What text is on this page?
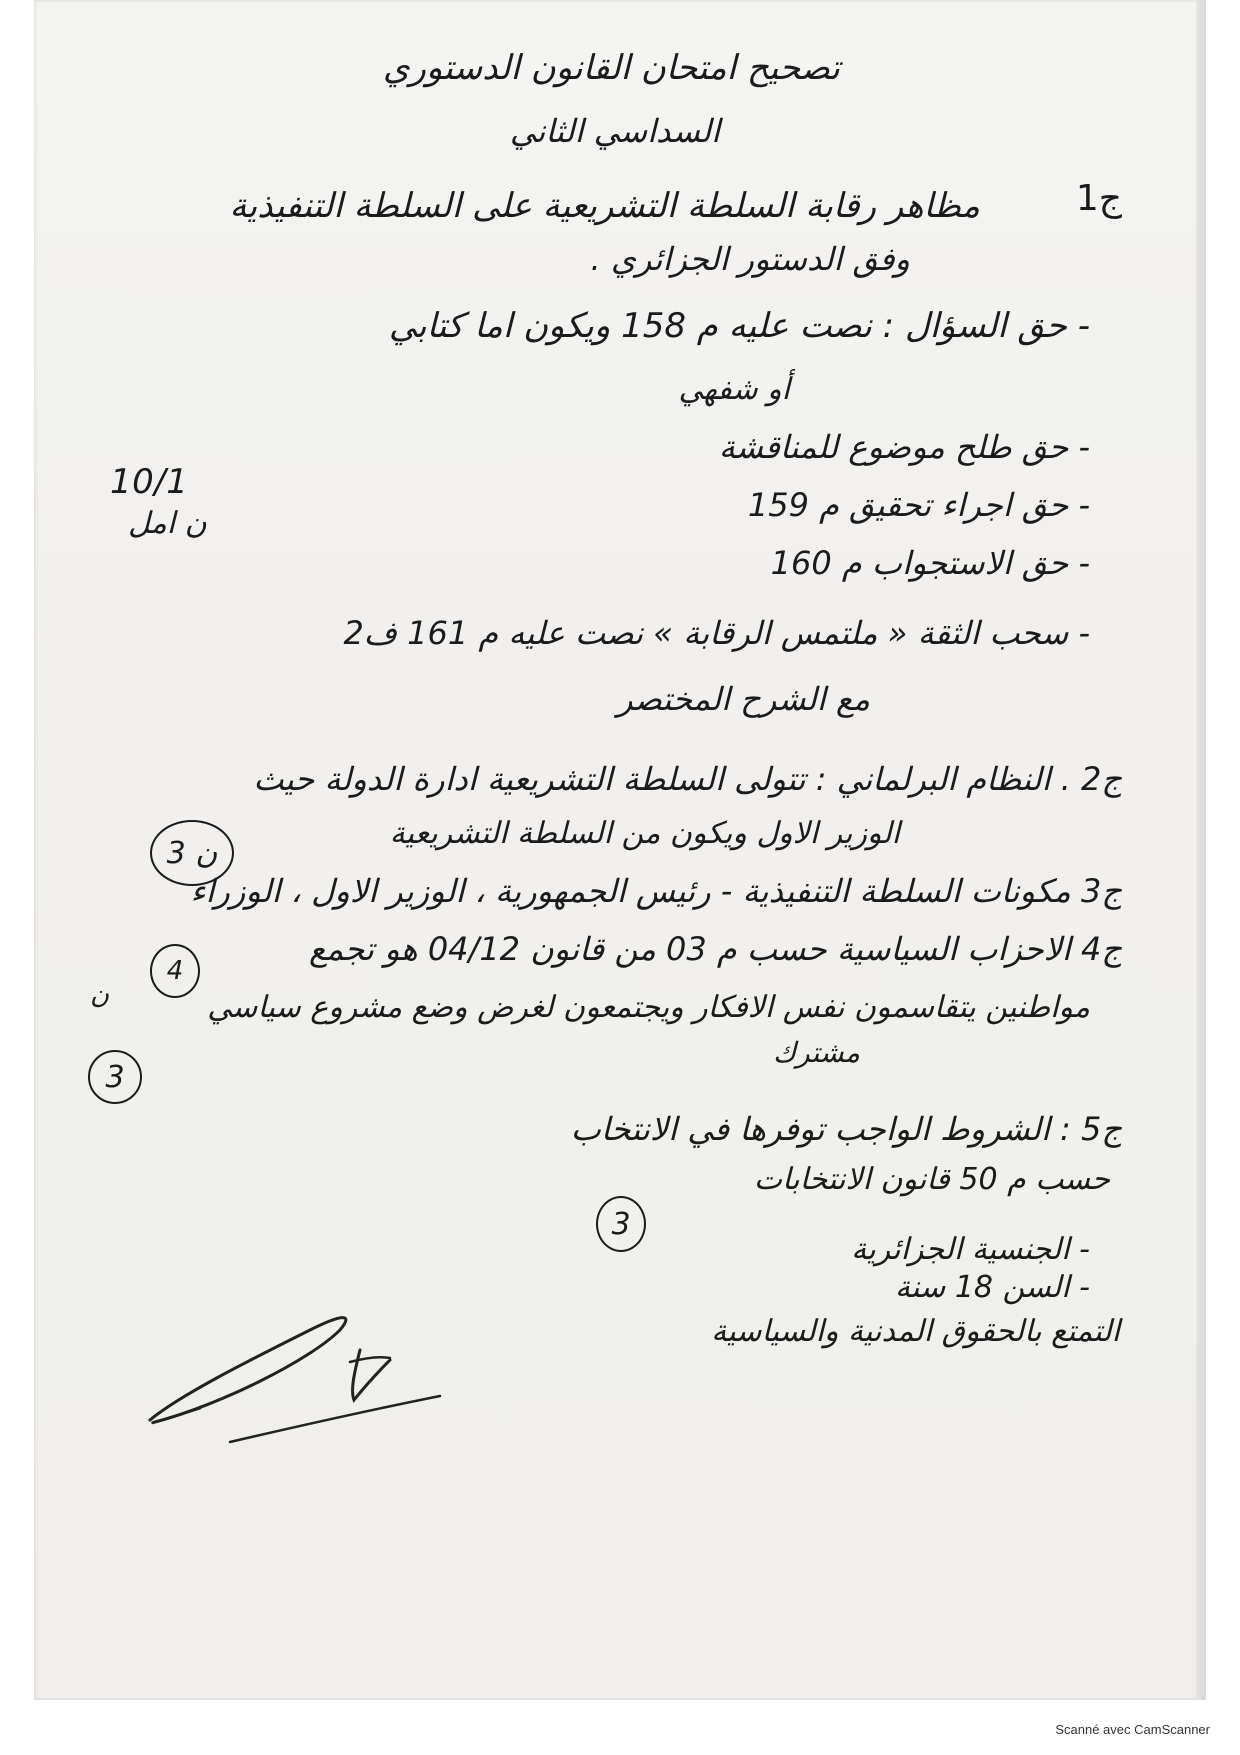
تصحيح امتحان القانون الدستوري
السداسي الثاني
ج1
مظاهر رقابة السلطة التشريعية على السلطة التنفيذية
وفق الدستور الجزائري .
- حق السؤال : نصت عليه م 158 ويكون اما كتابي
أو شفهي
- حق طلح موضوع للمناقشة
- حق اجراء تحقيق م 159
- حق الاستجواب م 160
- سحب الثقة « ملتمس الرقابة » نصت عليه م 161 ف2
مع الشرح المختصر
10/1
ن امل
ج2 . النظام البرلماني : تتولى السلطة التشريعية ادارة الدولة حيث
الوزير الاول ويكون من السلطة التشريعية
3 ن
ج3 مكونات السلطة التنفيذية - رئيس الجمهورية ، الوزير الاول ، الوزراء
ج4 الاحزاب السياسية حسب م 03 من قانون 04/12 هو تجمع
مواطنين يتقاسمون نفس الافكار ويجتمعون لغرض وضع مشروع سياسي
مشترك
4
ن
3
ج5 : الشروط الواجب توفرها في الانتخاب
حسب م 50 قانون الانتخابات
3
- الجنسية الجزائرية
- السن 18 سنة
التمتع بالحقوق المدنية والسياسية
Scanné avec CamScanner
